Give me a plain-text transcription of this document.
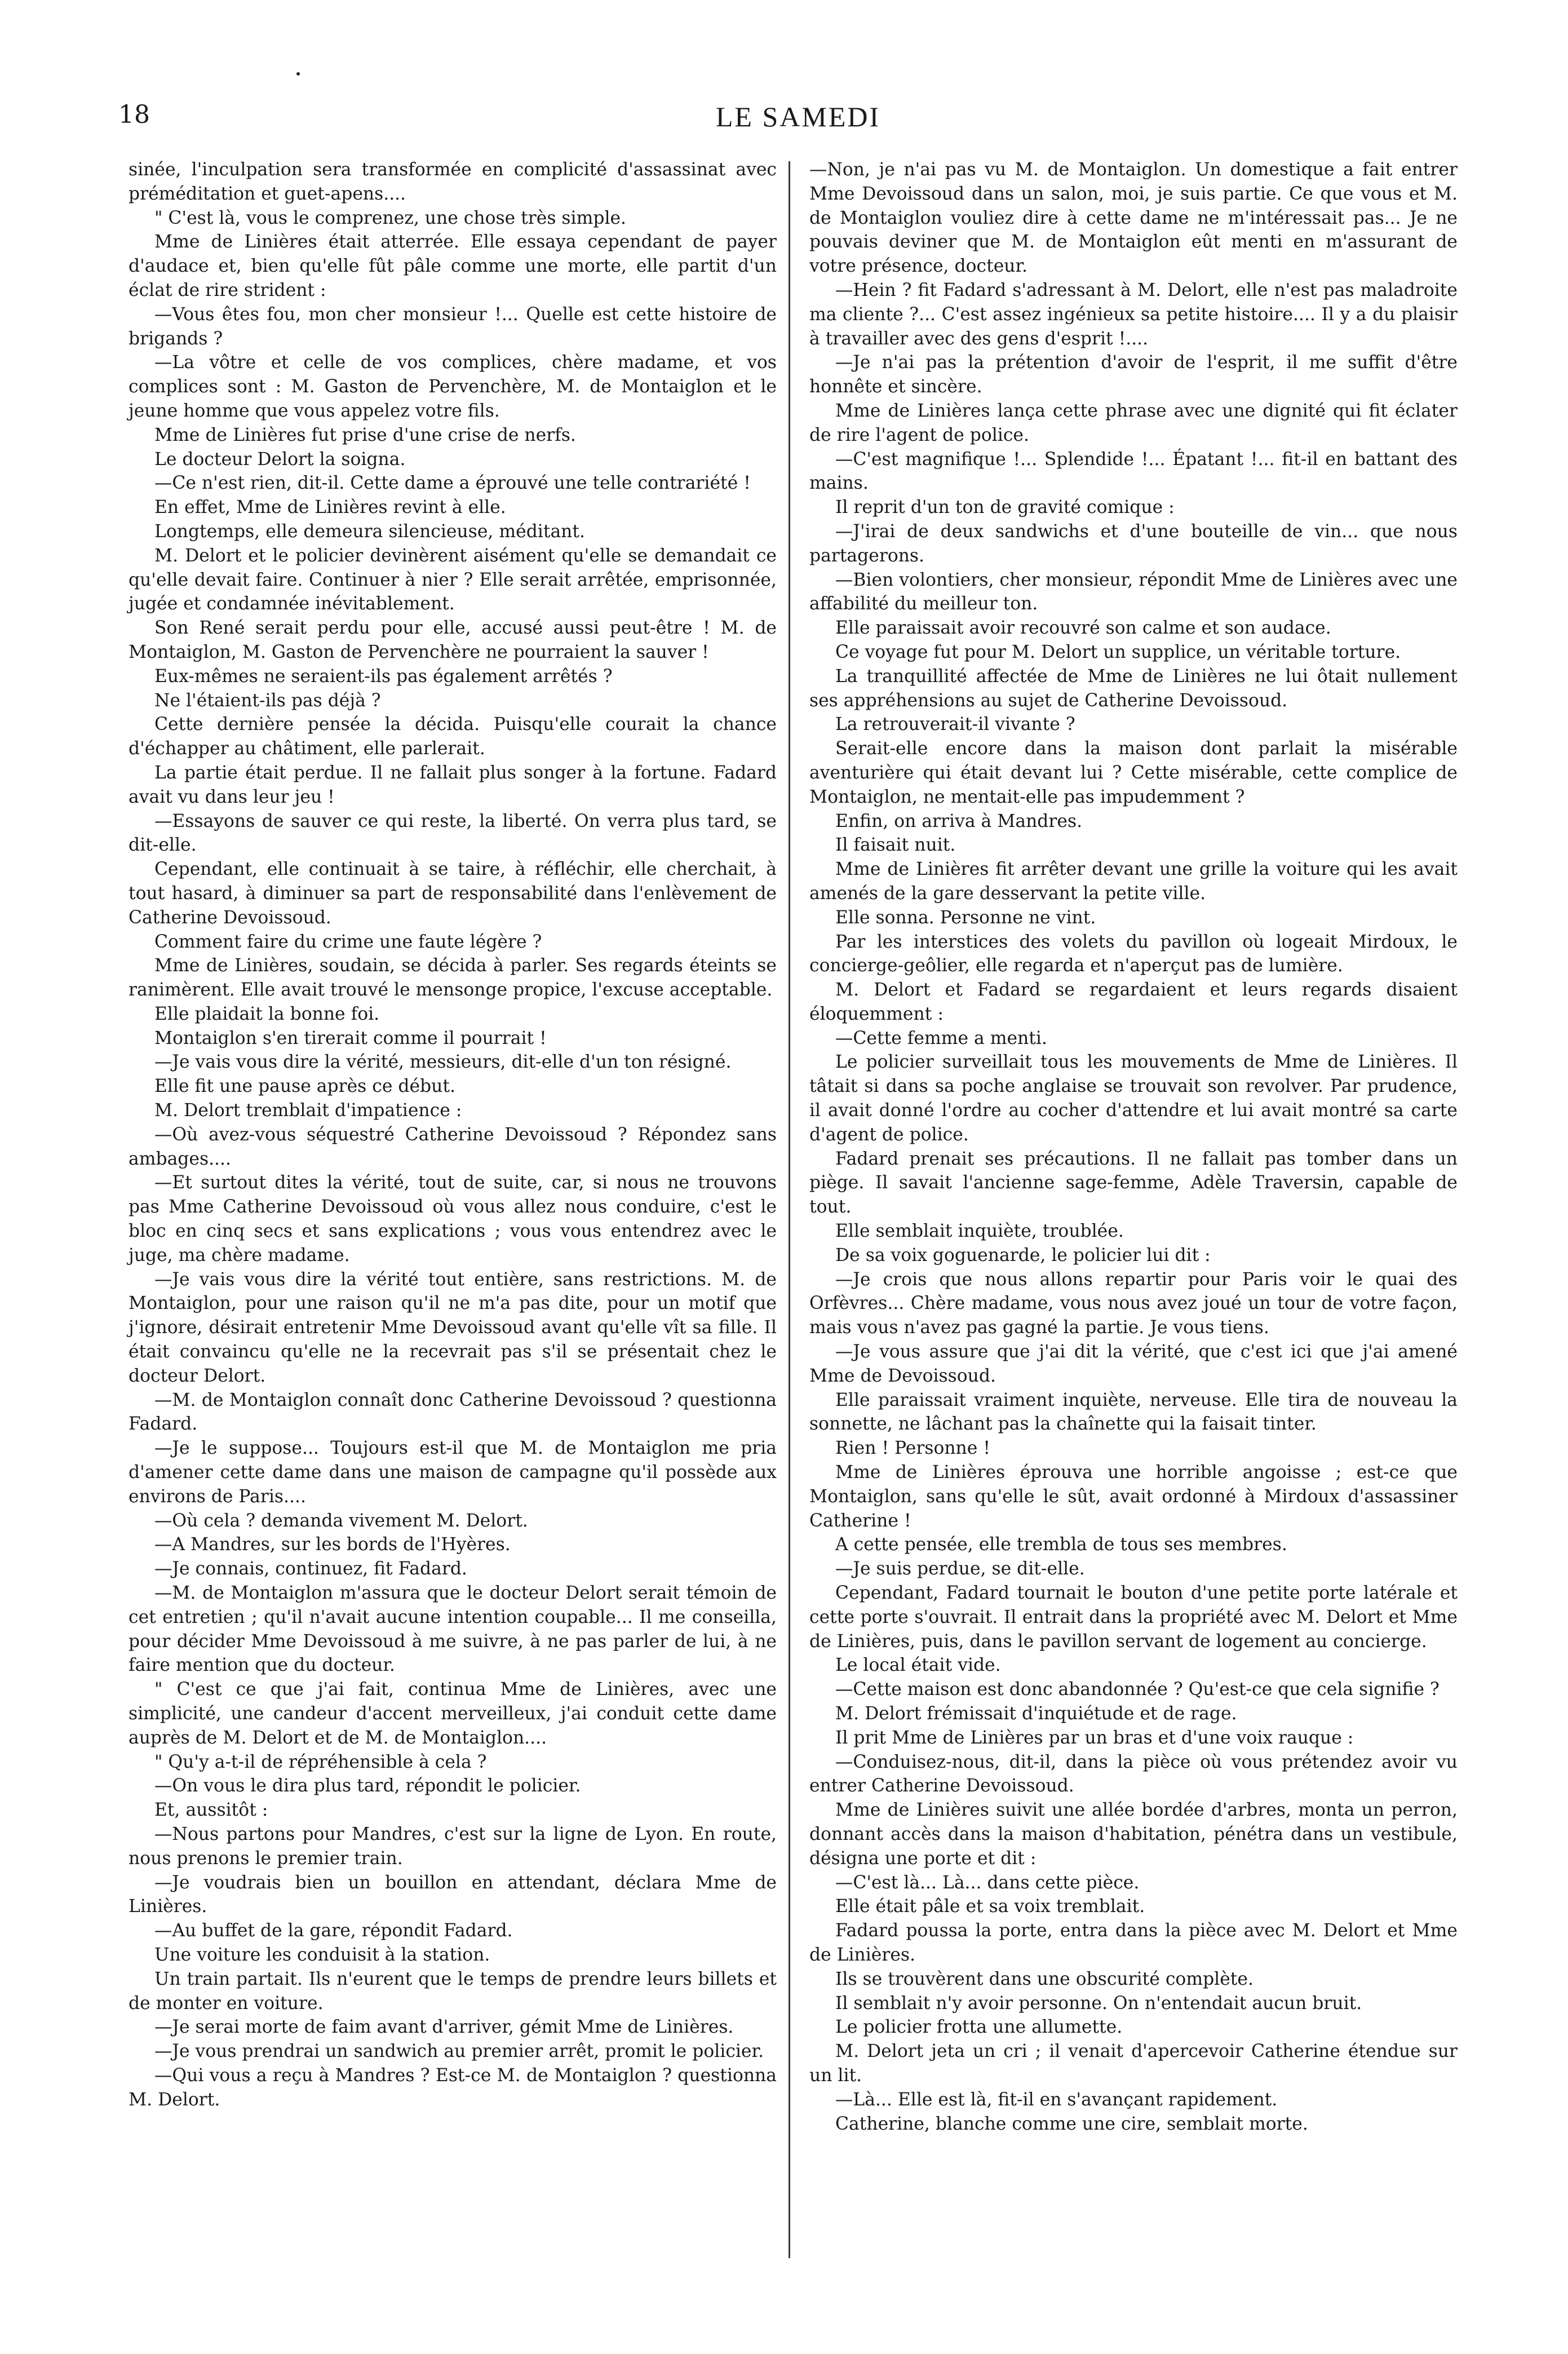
18	LE SAMEDI

sinée, l'inculpation sera transformée en complicité d'assassinat avec préméditation et guet-apens....

" C'est là, vous le comprenez, une chose très simple.

Mme de Linières était atterrée. Elle essaya cependant de payer d'audace et, bien qu'elle fût pâle comme une morte, elle partit d'un éclat de rire strident :

—Vous êtes fou, mon cher monsieur !... Quelle est cette histoire de brigands ?

—La vôtre et celle de vos complices, chère madame, et vos complices sont : M. Gaston de Pervenchère, M. de Montaiglon et le jeune homme que vous appelez votre fils.

Mme de Linières fut prise d'une crise de nerfs.

Le docteur Delort la soigna.

—Ce n'est rien, dit-il. Cette dame a éprouvé une telle contrariété !

En effet, Mme de Linières revint à elle.

Longtemps, elle demeura silencieuse, méditant.

M. Delort et le policier devinèrent aisément qu'elle se demandait ce qu'elle devait faire. Continuer à nier ? Elle serait arrêtée, emprisonnée, jugée et condamnée inévitablement.

Son René serait perdu pour elle, accusé aussi peut-être ! M. de Montaiglon, M. Gaston de Pervenchère ne pourraient la sauver !

Eux-mêmes ne seraient-ils pas également arrêtés ?

Ne l'étaient-ils pas déjà ?

Cette dernière pensée la décida. Puisqu'elle courait la chance d'échapper au châtiment, elle parlerait.

La partie était perdue. Il ne fallait plus songer à la fortune. Fadard avait vu dans leur jeu !

—Essayons de sauver ce qui reste, la liberté. On verra plus tard, se dit-elle.

Cependant, elle continuait à se taire, à réfléchir, elle cherchait, à tout hasard, à diminuer sa part de responsabilité dans l'enlèvement de Catherine Devoissoud.

Comment faire du crime une faute légère ?

Mme de Linières, soudain, se décida à parler. Ses regards éteints se ranimèrent. Elle avait trouvé le mensonge propice, l'excuse acceptable.

Elle plaidait la bonne foi.

Montaiglon s'en tirerait comme il pourrait !

—Je vais vous dire la vérité, messieurs, dit-elle d'un ton résigné.

Elle fit une pause après ce début.

M. Delort tremblait d'impatience :

—Où avez-vous séquestré Catherine Devoissoud ? Répondez sans ambages....

—Et surtout dites la vérité, tout de suite, car, si nous ne trouvons pas Mme Catherine Devoissoud où vous allez nous conduire, c'est le bloc en cinq secs et sans explications ; vous vous entendrez avec le juge, ma chère madame.

—Je vais vous dire la vérité tout entière, sans restrictions. M. de Montaiglon, pour une raison qu'il ne m'a pas dite, pour un motif que j'ignore, désirait entretenir Mme Devoissoud avant qu'elle vît sa fille. Il était convaincu qu'elle ne la recevrait pas s'il se présentait chez le docteur Delort.

—M. de Montaiglon connaît donc Catherine Devoissoud ? questionna Fadard.

—Je le suppose... Toujours est-il que M. de Montaiglon me pria d'amener cette dame dans une maison de campagne qu'il possède aux environs de Paris....

—Où cela ? demanda vivement M. Delort.

—A Mandres, sur les bords de l'Hyères.

—Je connais, continuez, fit Fadard.

—M. de Montaiglon m'assura que le docteur Delort serait témoin de cet entretien ; qu'il n'avait aucune intention coupable... Il me conseilla, pour décider Mme Devoissoud à me suivre, à ne pas parler de lui, à ne faire mention que du docteur.

" C'est ce que j'ai fait, continua Mme de Linières, avec une simplicité, une candeur d'accent merveilleux, j'ai conduit cette dame auprès de M. Delort et de M. de Montaiglon....

" Qu'y a-t-il de répréhensible à cela ?

—On vous le dira plus tard, répondit le policier.

Et, aussitôt :

—Nous partons pour Mandres, c'est sur la ligne de Lyon. En route, nous prenons le premier train.

—Je voudrais bien un bouillon en attendant, déclara Mme de Linières.

—Au buffet de la gare, répondit Fadard.

Une voiture les conduisit à la station.

Un train partait. Ils n'eurent que le temps de prendre leurs billets et de monter en voiture.

—Je serai morte de faim avant d'arriver, gémit Mme de Linières.

—Je vous prendrai un sandwich au premier arrêt, promit le policier.

—Qui vous a reçu à Mandres ? Est-ce M. de Montaiglon ? questionna M. Delort.

—Non, je n'ai pas vu M. de Montaiglon. Un domestique a fait entrer Mme Devoissoud dans un salon, moi, je suis partie. Ce que vous et M. de Montaiglon vouliez dire à cette dame ne m'intéressait pas... Je ne pouvais deviner que M. de Montaiglon eût menti en m'assurant de votre présence, docteur.

—Hein ? fit Fadard s'adressant à M. Delort, elle n'est pas maladroite ma cliente ?... C'est assez ingénieux sa petite histoire.... Il y a du plaisir à travailler avec des gens d'esprit !....

—Je n'ai pas la prétention d'avoir de l'esprit, il me suffit d'être honnête et sincère.

Mme de Linières lança cette phrase avec une dignité qui fit éclater de rire l'agent de police.

—C'est magnifique !... Splendide !... Épatant !... fit-il en battant des mains.

Il reprit d'un ton de gravité comique :

—J'irai de deux sandwichs et d'une bouteille de vin... que nous partagerons.

—Bien volontiers, cher monsieur, répondit Mme de Linières avec une affabilité du meilleur ton.

Elle paraissait avoir recouvré son calme et son audace.

Ce voyage fut pour M. Delort un supplice, un véritable torture.

La tranquillité affectée de Mme de Linières ne lui ôtait nullement ses appréhensions au sujet de Catherine Devoissoud.

La retrouverait-il vivante ?

Serait-elle encore dans la maison dont parlait la misérable aventurière qui était devant lui ? Cette misérable, cette complice de Montaiglon, ne mentait-elle pas impudemment ?

Enfin, on arriva à Mandres.

Il faisait nuit.

Mme de Linières fit arrêter devant une grille la voiture qui les avait amenés de la gare desservant la petite ville.

Elle sonna. Personne ne vint.

Par les interstices des volets du pavillon où logeait Mirdoux, le concierge-geôlier, elle regarda et n'aperçut pas de lumière.

M. Delort et Fadard se regardaient et leurs regards disaient éloquemment :

—Cette femme a menti.

Le policier surveillait tous les mouvements de Mme de Linières. Il tâtait si dans sa poche anglaise se trouvait son revolver. Par prudence, il avait donné l'ordre au cocher d'attendre et lui avait montré sa carte d'agent de police.

Fadard prenait ses précautions. Il ne fallait pas tomber dans un piège. Il savait l'ancienne sage-femme, Adèle Traversin, capable de tout.

Elle semblait inquiète, troublée.

De sa voix goguenarde, le policier lui dit :

—Je crois que nous allons repartir pour Paris voir le quai des Orfèvres... Chère madame, vous nous avez joué un tour de votre façon, mais vous n'avez pas gagné la partie. Je vous tiens.

—Je vous assure que j'ai dit la vérité, que c'est ici que j'ai amené Mme de Devoissoud.

Elle paraissait vraiment inquiète, nerveuse. Elle tira de nouveau la sonnette, ne lâchant pas la chaînette qui la faisait tinter.

Rien ! Personne !

Mme de Linières éprouva une horrible angoisse ; est-ce que Montaiglon, sans qu'elle le sût, avait ordonné à Mirdoux d'assassiner Catherine !

A cette pensée, elle trembla de tous ses membres.

—Je suis perdue, se dit-elle.

Cependant, Fadard tournait le bouton d'une petite porte latérale et cette porte s'ouvrait. Il entrait dans la propriété avec M. Delort et Mme de Linières, puis, dans le pavillon servant de logement au concierge.

Le local était vide.

—Cette maison est donc abandonnée ? Qu'est-ce que cela signifie ?

M. Delort frémissait d'inquiétude et de rage.

Il prit Mme de Linières par un bras et d'une voix rauque :

—Conduisez-nous, dit-il, dans la pièce où vous prétendez avoir vu entrer Catherine Devoissoud.

Mme de Linières suivit une allée bordée d'arbres, monta un perron, donnant accès dans la maison d'habitation, pénétra dans un vestibule, désigna une porte et dit :

—C'est là... Là... dans cette pièce.

Elle était pâle et sa voix tremblait.

Fadard poussa la porte, entra dans la pièce avec M. Delort et Mme de Linières.

Ils se trouvèrent dans une obscurité complète.

Il semblait n'y avoir personne. On n'entendait aucun bruit.

Le policier frotta une allumette.

M. Delort jeta un cri ; il venait d'apercevoir Catherine étendue sur un lit.

—Là... Elle est là, fit-il en s'avançant rapidement.

Catherine, blanche comme une cire, semblait morte.
